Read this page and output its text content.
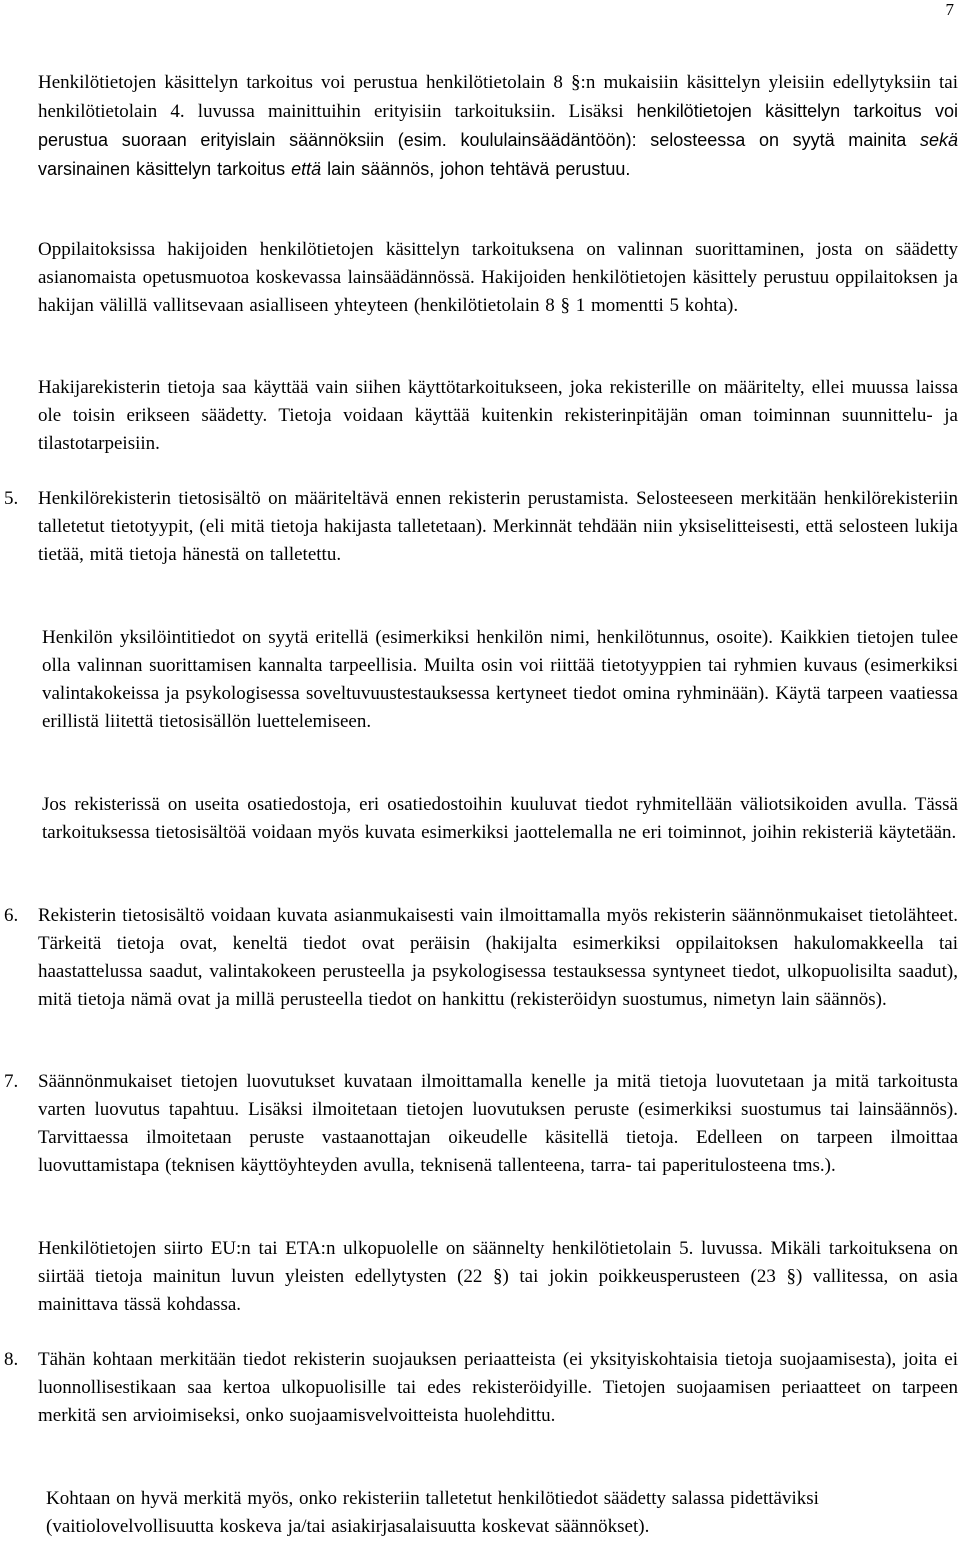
7
Henkilötietojen käsittelyn tarkoitus voi perustua henkilötietolain 8 §:n mukaisiin käsittelyn yleisiin edellytyksiin tai henkilötietolain 4. luvussa mainittuihin erityisiin tarkoituksiin. Lisäksi henkilötietojen käsittelyn tarkoitus voi perustua suoraan erityislain säännöksiin (esim. koululainsäädäntöön): selosteessa on syytä mainita sekä varsinainen käsittelyn tarkoitus että lain säännös, johon tehtävä perustuu.
Oppilaitoksissa hakijoiden henkilötietojen käsittelyn tarkoituksena on valinnan suorittaminen, josta on säädetty asianomaista opetusmuotoa koskevassa lainsäädännössä. Hakijoiden henkilötietojen käsittely perustuu oppilaitoksen ja hakijan välillä vallitsevaan asialliseen yhteyteen (henkilötietolain 8 § 1 momentti 5 kohta).
Hakijarekisterin tietoja saa käyttää vain siihen käyttötarkoitukseen, joka rekisterille on määritelty, ellei muussa laissa ole toisin erikseen säädetty. Tietoja voidaan käyttää kuitenkin rekisterinpitäjän oman toiminnan suunnittelu- ja tilastotarpeisiin.
5. Henkilörekisterin tietosisältö on määriteltävä ennen rekisterin perustamista. Selosteeseen merkitään henkilörekisteriin talletetut tietotyypit, (eli mitä tietoja hakijasta talletetaan). Merkinnät tehdään niin yksiselitteisesti, että selosteen lukija tietää, mitä tietoja hänestä on talletettu.
Henkilön yksilöintitiedot on syytä eritellä (esimerkiksi henkilön nimi, henkilötunnus, osoite). Kaikkien tietojen tulee olla valinnan suorittamisen kannalta tarpeellisia. Muilta osin voi riittää tietotyyppien tai ryhmien kuvaus (esimerkiksi valintakokeissa ja psykologisessa soveltuvuustestauksessa kertyneet tiedot omina ryhminään). Käytä tarpeen vaatiessa erillistä liitettä tietosisällön luettelemiseen.
Jos rekisterissä on useita osatiedostoja, eri osatiedostoihin kuuluvat tiedot ryhmitellään väliotsikoiden avulla. Tässä tarkoituksessa tietosisältöä voidaan myös kuvata esimerkiksi jaottelemalla ne eri toiminnot, joihin rekisteriä käytetään.
6. Rekisterin tietosisältö voidaan kuvata asianmukaisesti vain ilmoittamalla myös rekisterin säännönmukaiset tietolähteet. Tärkeitä tietoja ovat, keneltä tiedot ovat peräisin (hakijalta esimerkiksi oppilaitoksen hakulomakkeella tai haastattelussa saadut, valintakokeen perusteella ja psykologisessa testauksessa syntyneet tiedot, ulkopuolisilta saadut), mitä tietoja nämä ovat ja millä perusteella tiedot on hankittu (rekisteröidyn suostumus, nimetyn lain säännös).
7. Säännönmukaiset tietojen luovutukset kuvataan ilmoittamalla kenelle ja mitä tietoja luovutetaan ja mitä tarkoitusta varten luovutus tapahtuu. Lisäksi ilmoitetaan tietojen luovutuksen peruste (esimerkiksi suostumus tai lainsäännös). Tarvittaessa ilmoitetaan peruste vastaanottajan oikeudelle käsitellä tietoja. Edelleen on tarpeen ilmoittaa luovuttamistapa (teknisen käyttöyhteyden avulla, teknisenä tallenteena, tarra- tai paperitulosteena tms.).
Henkilötietojen siirto EU:n tai ETA:n ulkopuolelle on säännelty henkilötietolain 5. luvussa. Mikäli tarkoituksena on siirtää tietoja mainitun luvun yleisten edellytysten (22 §) tai jokin poikkeusperusteen (23 §) vallitessa, on asia mainittava tässä kohdassa.
8. Tähän kohtaan merkitään tiedot rekisterin suojauksen periaatteista (ei yksityiskohtaisia tietoja suojaamisesta), joita ei luonnollisestikaan saa kertoa ulkopuolisille tai edes rekisteröidyille. Tietojen suojaamisen periaatteet on tarpeen merkitä sen arvioimiseksi, onko suojaamisvelvoitteista huolehdittu.
Kohtaan on hyvä merkitä myös, onko rekisteriin talletetut henkilötiedot säädetty salassa pidettäviksi (vaitiolovelvollisuutta koskeva ja/tai asiakirjasalaisuutta koskevat säännökset).
